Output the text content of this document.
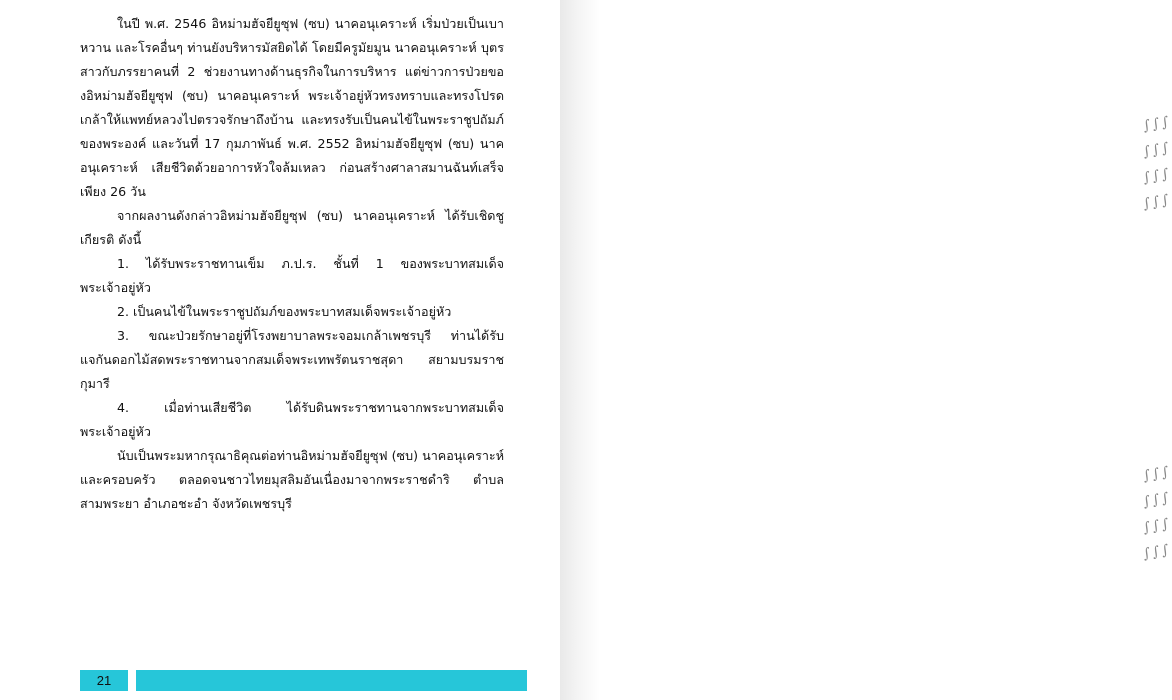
ในปี พ.ศ. 2546 อิหม่ามฮัจยียูซุฟ (ซบ) นาคอนุเคราะห์ เริ่มป่วยเป็นเบาหวาน และโรคอื่นๆ ท่านยังบริหารมัสยิดได้ โดยมีครูมัยมูน นาคอนุเคราะห์ บุตรสาวกับภรรยาคนที่ 2 ช่วยงานทางด้านธุรกิจในการบริหาร แต่ข่าวการป่วยของอิหม่ามฮัจยียูซุฟ (ซบ) นาคอนุเคราะห์ พระเจ้าอยู่หัวทรงทราบและทรงโปรดเกล้าให้แพทย์หลวงไปตรวจรักษาถึงบ้าน และทรงรับเป็นคนไข้ในพระราชูปถัมภ์ของพระองค์ และวันที่ 17 กุมภาพันธ์ พ.ศ. 2552 อิหม่ามฮัจยียูซุฟ (ซบ) นาคอนุเคราะห์ เสียชีวิตด้วยอาการหัวใจล้มเหลว ก่อนสร้างศาลาสมานฉันท์เสร็จเพียง 26 วัน

จากผลงานดังกล่าวอิหม่ามฮัจยียูซุฟ (ซบ) นาคอนุเคราะห์ ได้รับเชิดชูเกียรติ ดังนี้

1. ได้รับพระราชทานเข็ม ภ.ป.ร. ชั้นที่ 1 ของพระบาทสมเด็จพระเจ้าอยู่หัว

2. เป็นคนไข้ในพระราชูปถัมภ์ของพระบาทสมเด็จพระเจ้าอยู่หัว

3. ขณะป่วยรักษาอยู่ที่โรงพยาบาลพระจอมเกล้าเพชรบุรี ท่านได้รับแจกันดอกไม้สดพระราชทานจากสมเด็จพระเทพรัตนราชสุดา สยามบรมราชกุมารี

4. เมื่อท่านเสียชีวิต ได้รับดินพระราชทานจากพระบาทสมเด็จพระเจ้าอยู่หัว

นับเป็นพระมหากรุณาธิคุณต่อท่านอิหม่ามฮัจยียูซุฟ (ซบ) นาคอนุเคราะห์ และครอบครัว ตลอดจนชาวไทยมุสลิมอันเนื่องมาจากพระราชดำริ ตำบลสามพระยา อำเภอชะอำ จังหวัดเพชรบุรี

21
∫∫∫
∫∫∫
∫∫∫
∫∫∫
∫∫∫
∫∫∫
∫∫∫
∫∫∫
